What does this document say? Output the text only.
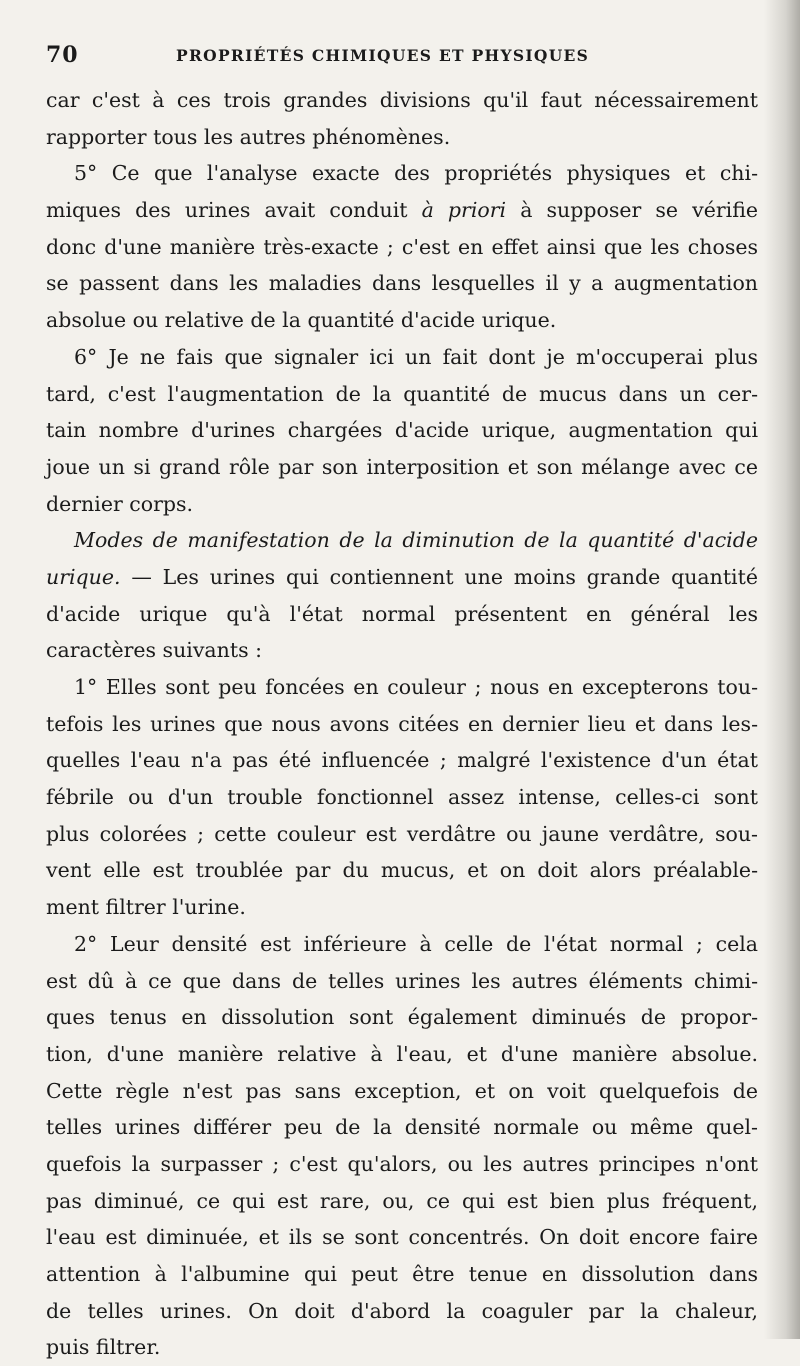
70	PROPRIÉTÉS CHIMIQUES ET PHYSIQUES
car c'est à ces trois grandes divisions qu'il faut nécessairement
rapporter tous les autres phénomènes.
5° Ce que l'analyse exacte des propriétés physiques et chi-
miques des urines avait conduit à priori à supposer se vérifie
donc d'une manière très-exacte ; c'est en effet ainsi que les choses
se passent dans les maladies dans lesquelles il y a augmentation
absolue ou relative de la quantité d'acide urique.
6° Je ne fais que signaler ici un fait dont je m'occuperai plus
tard, c'est l'augmentation de la quantité de mucus dans un cer-
tain nombre d'urines chargées d'acide urique, augmentation qui
joue un si grand rôle par son interposition et son mélange avec ce
dernier corps.
Modes de manifestation de la diminution de la quantité d'acide
urique. — Les urines qui contiennent une moins grande quantité
d'acide urique qu'à l'état normal présentent en général les
caractères suivants :
1° Elles sont peu foncées en couleur ; nous en excepterons tou-
tefois les urines que nous avons citées en dernier lieu et dans les-
quelles l'eau n'a pas été influencée ; malgré l'existence d'un état
fébrile ou d'un trouble fonctionnel assez intense, celles-ci sont
plus colorées ; cette couleur est verdâtre ou jaune verdâtre, sou-
vent elle est troublée par du mucus, et on doit alors préalable-
ment filtrer l'urine.
2° Leur densité est inférieure à celle de l'état normal ; cela
est dû à ce que dans de telles urines les autres éléments chimi-
ques tenus en dissolution sont également diminués de propor-
tion, d'une manière relative à l'eau, et d'une manière absolue.
Cette règle n'est pas sans exception, et on voit quelquefois de
telles urines différer peu de la densité normale ou même quel-
quefois la surpasser ; c'est qu'alors, ou les autres principes n'ont
pas diminué, ce qui est rare, ou, ce qui est bien plus fréquent,
l'eau est diminuée, et ils se sont concentrés. On doit encore faire
attention à l'albumine qui peut être tenue en dissolution dans
de telles urines. On doit d'abord la coaguler par la chaleur,
puis filtrer.
